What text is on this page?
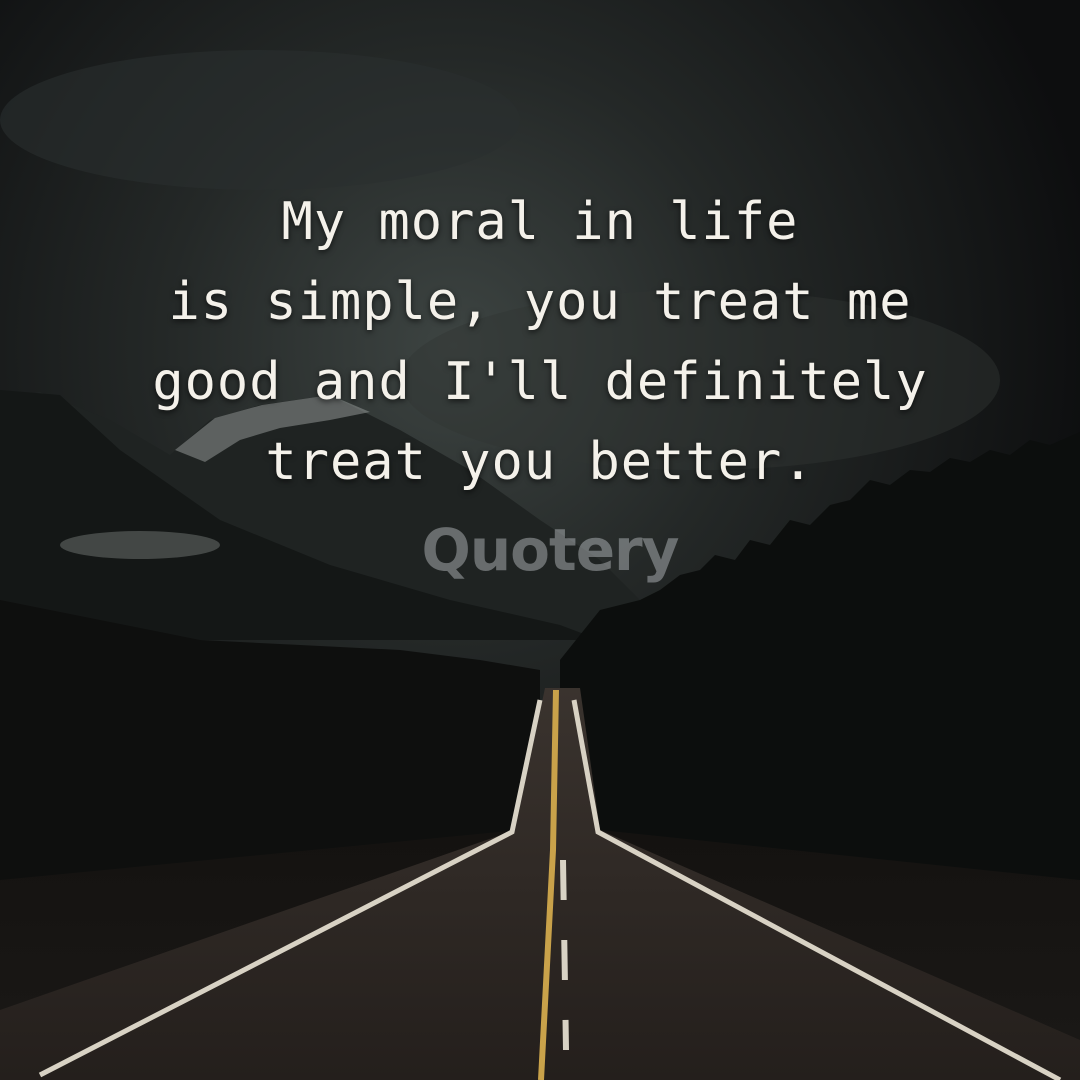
My moral in life
is simple, you treat me
good and I'll definitely
treat you better.

Quotery
